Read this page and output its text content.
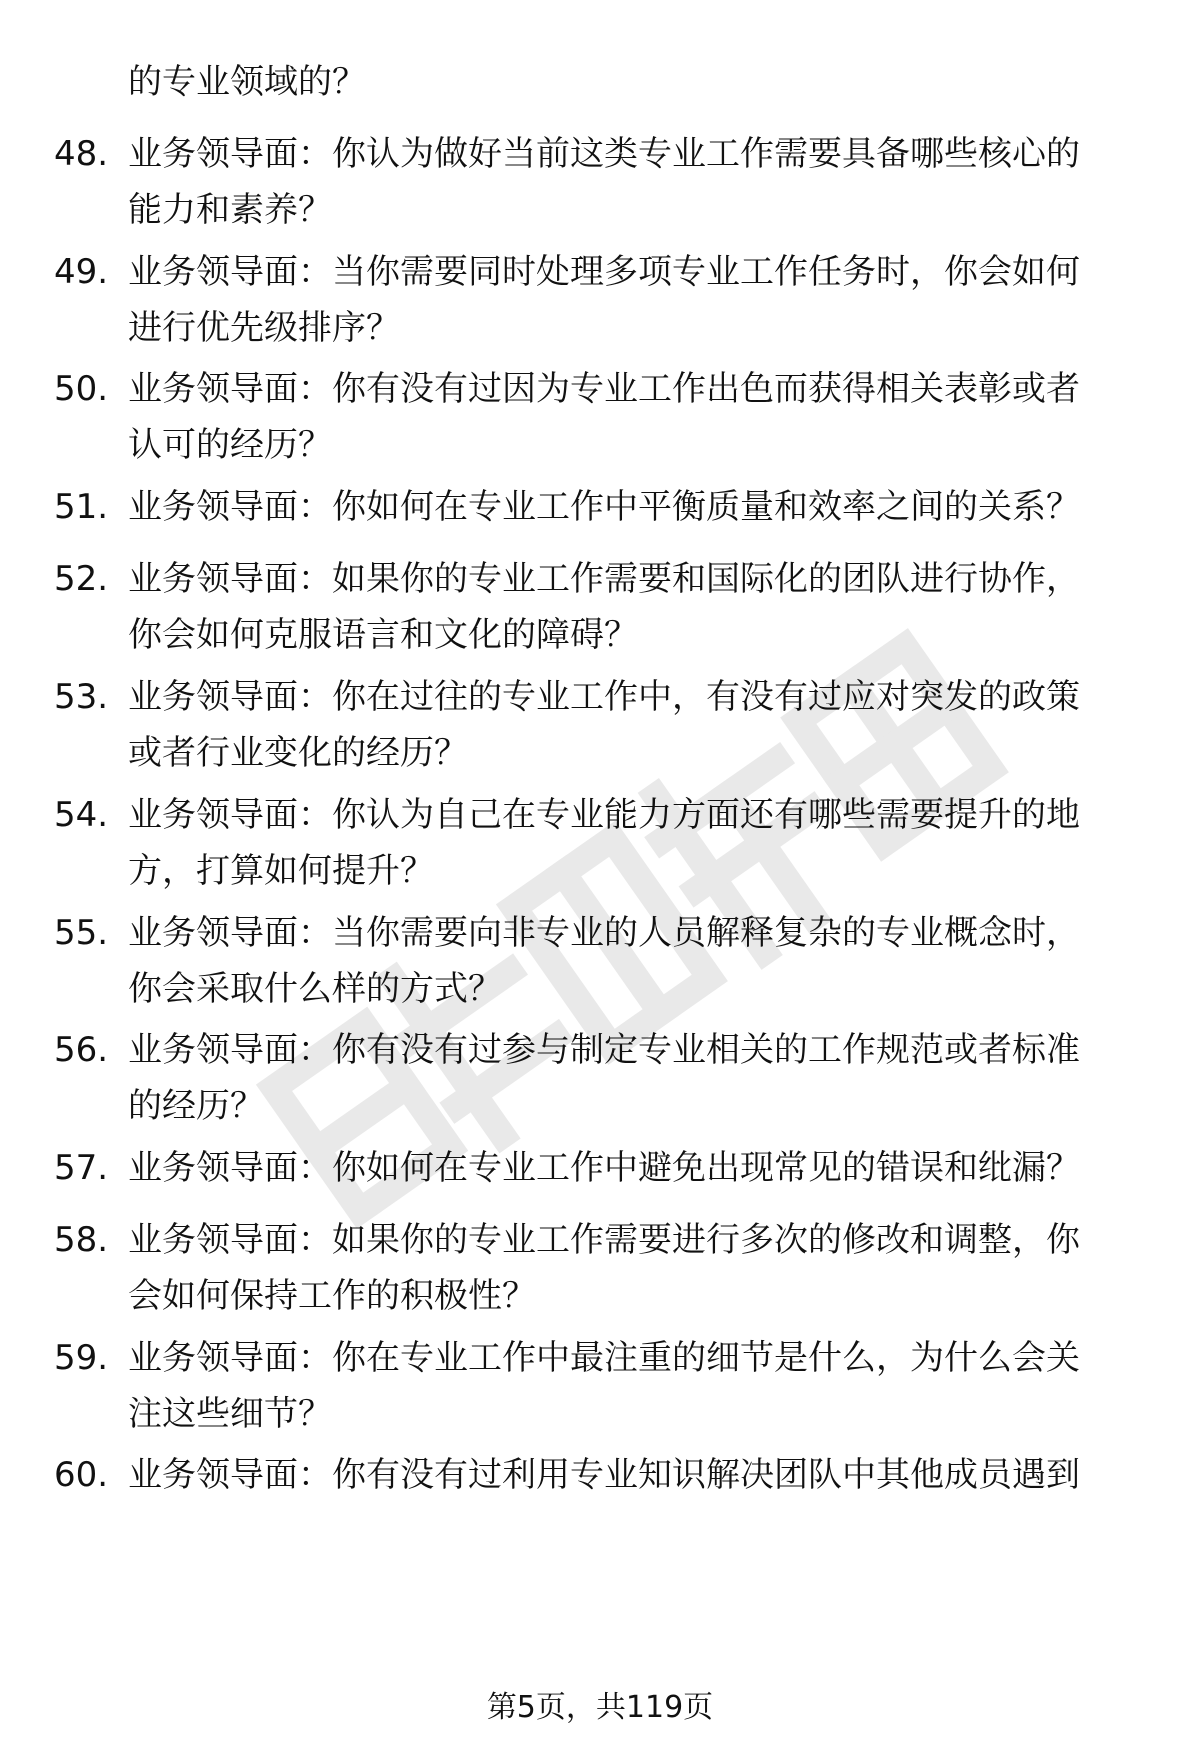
的专业领域的？
48. 业务领导面：你认为做好当前这类专业工作需要具备哪些核心的
能力和素养？
49. 业务领导面：当你需要同时处理多项专业工作任务时，你会如何
进行优先级排序？
50. 业务领导面：你有没有过因为专业工作出色而获得相关表彰或者
认可的经历？
51. 业务领导面：你如何在专业工作中平衡质量和效率之间的关系？
52. 业务领导面：如果你的专业工作需要和国际化的团队进行协作，
你会如何克服语言和文化的障碍？
53. 业务领导面：你在过往的专业工作中，有没有过应对突发的政策
或者行业变化的经历？
54. 业务领导面：你认为自己在专业能力方面还有哪些需要提升的地
方，打算如何提升？
55. 业务领导面：当你需要向非专业的人员解释复杂的专业概念时，
你会采取什么样的方式？
56. 业务领导面：你有没有过参与制定专业相关的工作规范或者标准
的经历？
57. 业务领导面：你如何在专业工作中避免出现常见的错误和纰漏？
58. 业务领导面：如果你的专业工作需要进行多次的修改和调整，你
会如何保持工作的积极性？
59. 业务领导面：你在专业工作中最注重的细节是什么，为什么会关
注这些细节？
60. 业务领导面：你有没有过利用专业知识解决团队中其他成员遇到
第5页，共119页
